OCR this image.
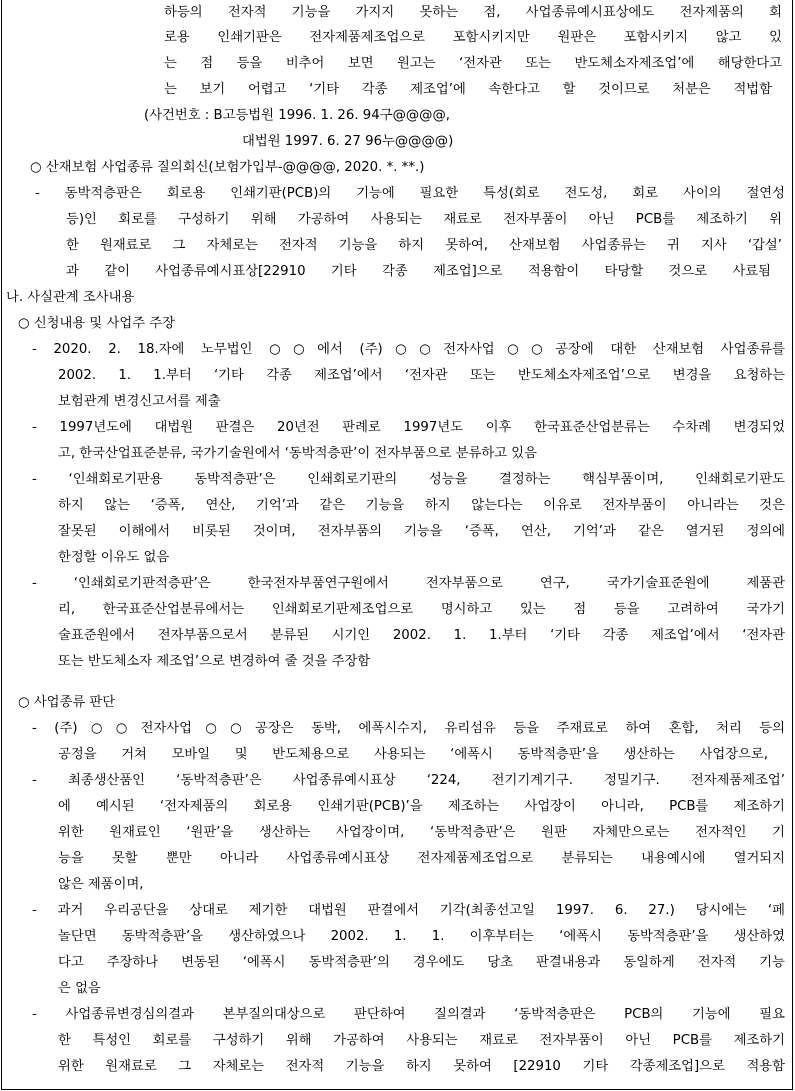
하등의 전자적 기능을 가지지 못하는 점, 사업종류예시표상에도 전자제품의 회
로용 인쇄기판은 전자제품제조업으로 포함시키지만 원판은 포함시키지 않고 있
는 점 등을 비추어 보면 원고는 ‘전자관 또는 반도체소자제조업’에 해당한다고
는 보기 어렵고 ‘기타 각종 제조업’에 속한다고 할 것이므로 처분은 적법함
(사건번호 : B고등법원 1996. 1. 26. 94구@@@@,
대법원 1997. 6. 27 96누@@@@)
○ 산재보험 사업종류 질의회신(보험가입부-@@@@, 2020. *. **.)
- 동박적층판은 회로용 인쇄기판(PCB)의 기능에 필요한 특성(회로 전도성, 회로 사이의 절연성
등)인 회로를 구성하기 위해 가공하여 사용되는 재료로 전자부품이 아닌 PCB를 제조하기 위
한 원재료로 그 자체로는 전자적 기능을 하지 못하여, 산재보험 사업종류는 귀 지사 ‘갑설’
과 같이 사업종류예시표상[22910 기타 각종 제조업]으로 적용함이 타당할 것으로 사료됨
나. 사실관계 조사내용
○ 신청내용 및 사업주 주장
- 2020. 2. 18.자에 노무법인 ○○에서 (주)○○전자사업○○공장에 대한 산재보험 사업종류를
2002. 1. 1.부터 ‘기타 각종 제조업’에서 ‘전자관 또는 반도체소자제조업’으로 변경을 요청하는
보험관계 변경신고서를 제출
- 1997년도에 대법원 판결은 20년전 판례로 1997년도 이후 한국표준산업분류는 수차례 변경되었
고, 한국산업표준분류, 국가기술원에서 ‘동박적층판’이 전자부품으로 분류하고 있음
- ‘인쇄회로기판용 동박적층판’은 인쇄회로기판의 성능을 결정하는 핵심부품이며, 인쇄회로기판도
하지 않는 ‘증폭, 연산, 기억’과 같은 기능을 하지 않는다는 이유로 전자부품이 아니라는 것은
잘못된 이해에서 비롯된 것이며, 전자부품의 기능을 ‘증폭, 연산, 기억’과 같은 열거된 정의에
한정할 이유도 없음
- ‘인쇄회로기판적층판’은 한국전자부품연구원에서 전자부품으로 연구, 국가기술표준원에 제품관
리, 한국표준산업분류에서는 인쇄회로기판제조업으로 명시하고 있는 점 등을 고려하여 국가기
술표준원에서 전자부품으로서 분류된 시기인 2002. 1. 1.부터 ‘기타 각종 제조업’에서 ‘전자관
또는 반도체소자 제조업’으로 변경하여 줄 것을 주장함
○ 사업종류 판단
- (주)○○전자사업○○공장은 동박, 에폭시수지, 유리섬유 등을 주재료로 하여 혼합, 처리 등의
공정을 거쳐 모바일 및 반도체용으로 사용되는 ‘에폭시 동박적층판’을 생산하는 사업장으로,
- 최종생산품인 ‘동박적층판’은 사업종류예시표상 ‘224, 전기기계기구. 정밀기구. 전자제품제조업’
에 예시된 ‘전자제품의 회로용 인쇄기판(PCB)’을 제조하는 사업장이 아니라, PCB를 제조하기
위한 원재료인 ‘원판’을 생산하는 사업장이며, ‘동박적층판’은 원판 자체만으로는 전자적인 기
능을 못할 뿐만 아니라 사업종류예시표상 전자제품제조업으로 분류되는 내용예시에 열거되지
않은 제품이며,
- 과거 우리공단을 상대로 제기한 대법원 판결에서 기각(최종선고일 1997. 6. 27.) 당시에는 ‘페
놀단면 동박적층판’을 생산하였으나 2002. 1. 1. 이후부터는 ‘에폭시 동박적층판’을 생산하였
다고 주장하나 변동된 ‘에폭시 동박적층판’의 경우에도 당초 판결내용과 동일하게 전자적 기능
은 없음
- 사업종류변경심의결과 본부질의대상으로 판단하여 질의결과 ‘동박적층판은 PCB의 기능에 필요
한 특성인 회로를 구성하기 위해 가공하여 사용되는 재료로 전자부품이 아닌 PCB를 제조하기
위한 원재료로 그 자체로는 전자적 기능을 하지 못하여 [22910 기타 각종제조업]으로 적용함
